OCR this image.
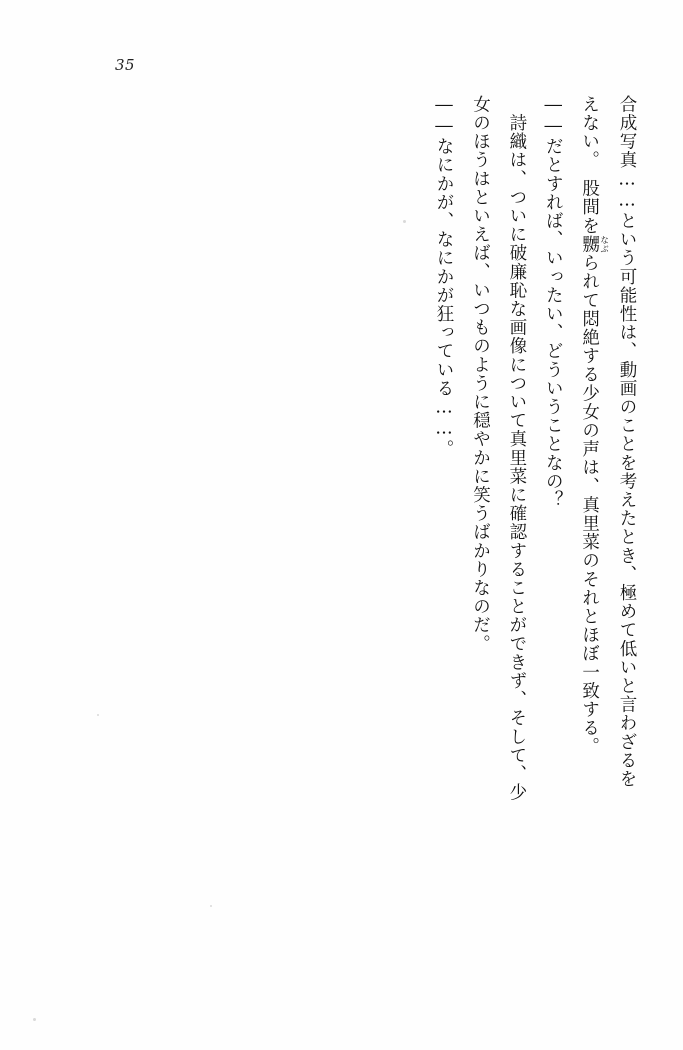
35

合成写真……という可能性は、動画のことを考えたとき、極めて低いと言わざるを

えない。　股間を嬲 なぶられて悶絶する少女の声は、真里菜のそれとほぼ一致する。

――だとすれば、いったい、どういうことなの？

　詩織は、ついに破廉恥な画像について真里菜に確認することができず、そして、少

女のほうはといえば、いつものように穏やかに笑うばかりなのだ。

――なにかが、なにかが狂っている……。
